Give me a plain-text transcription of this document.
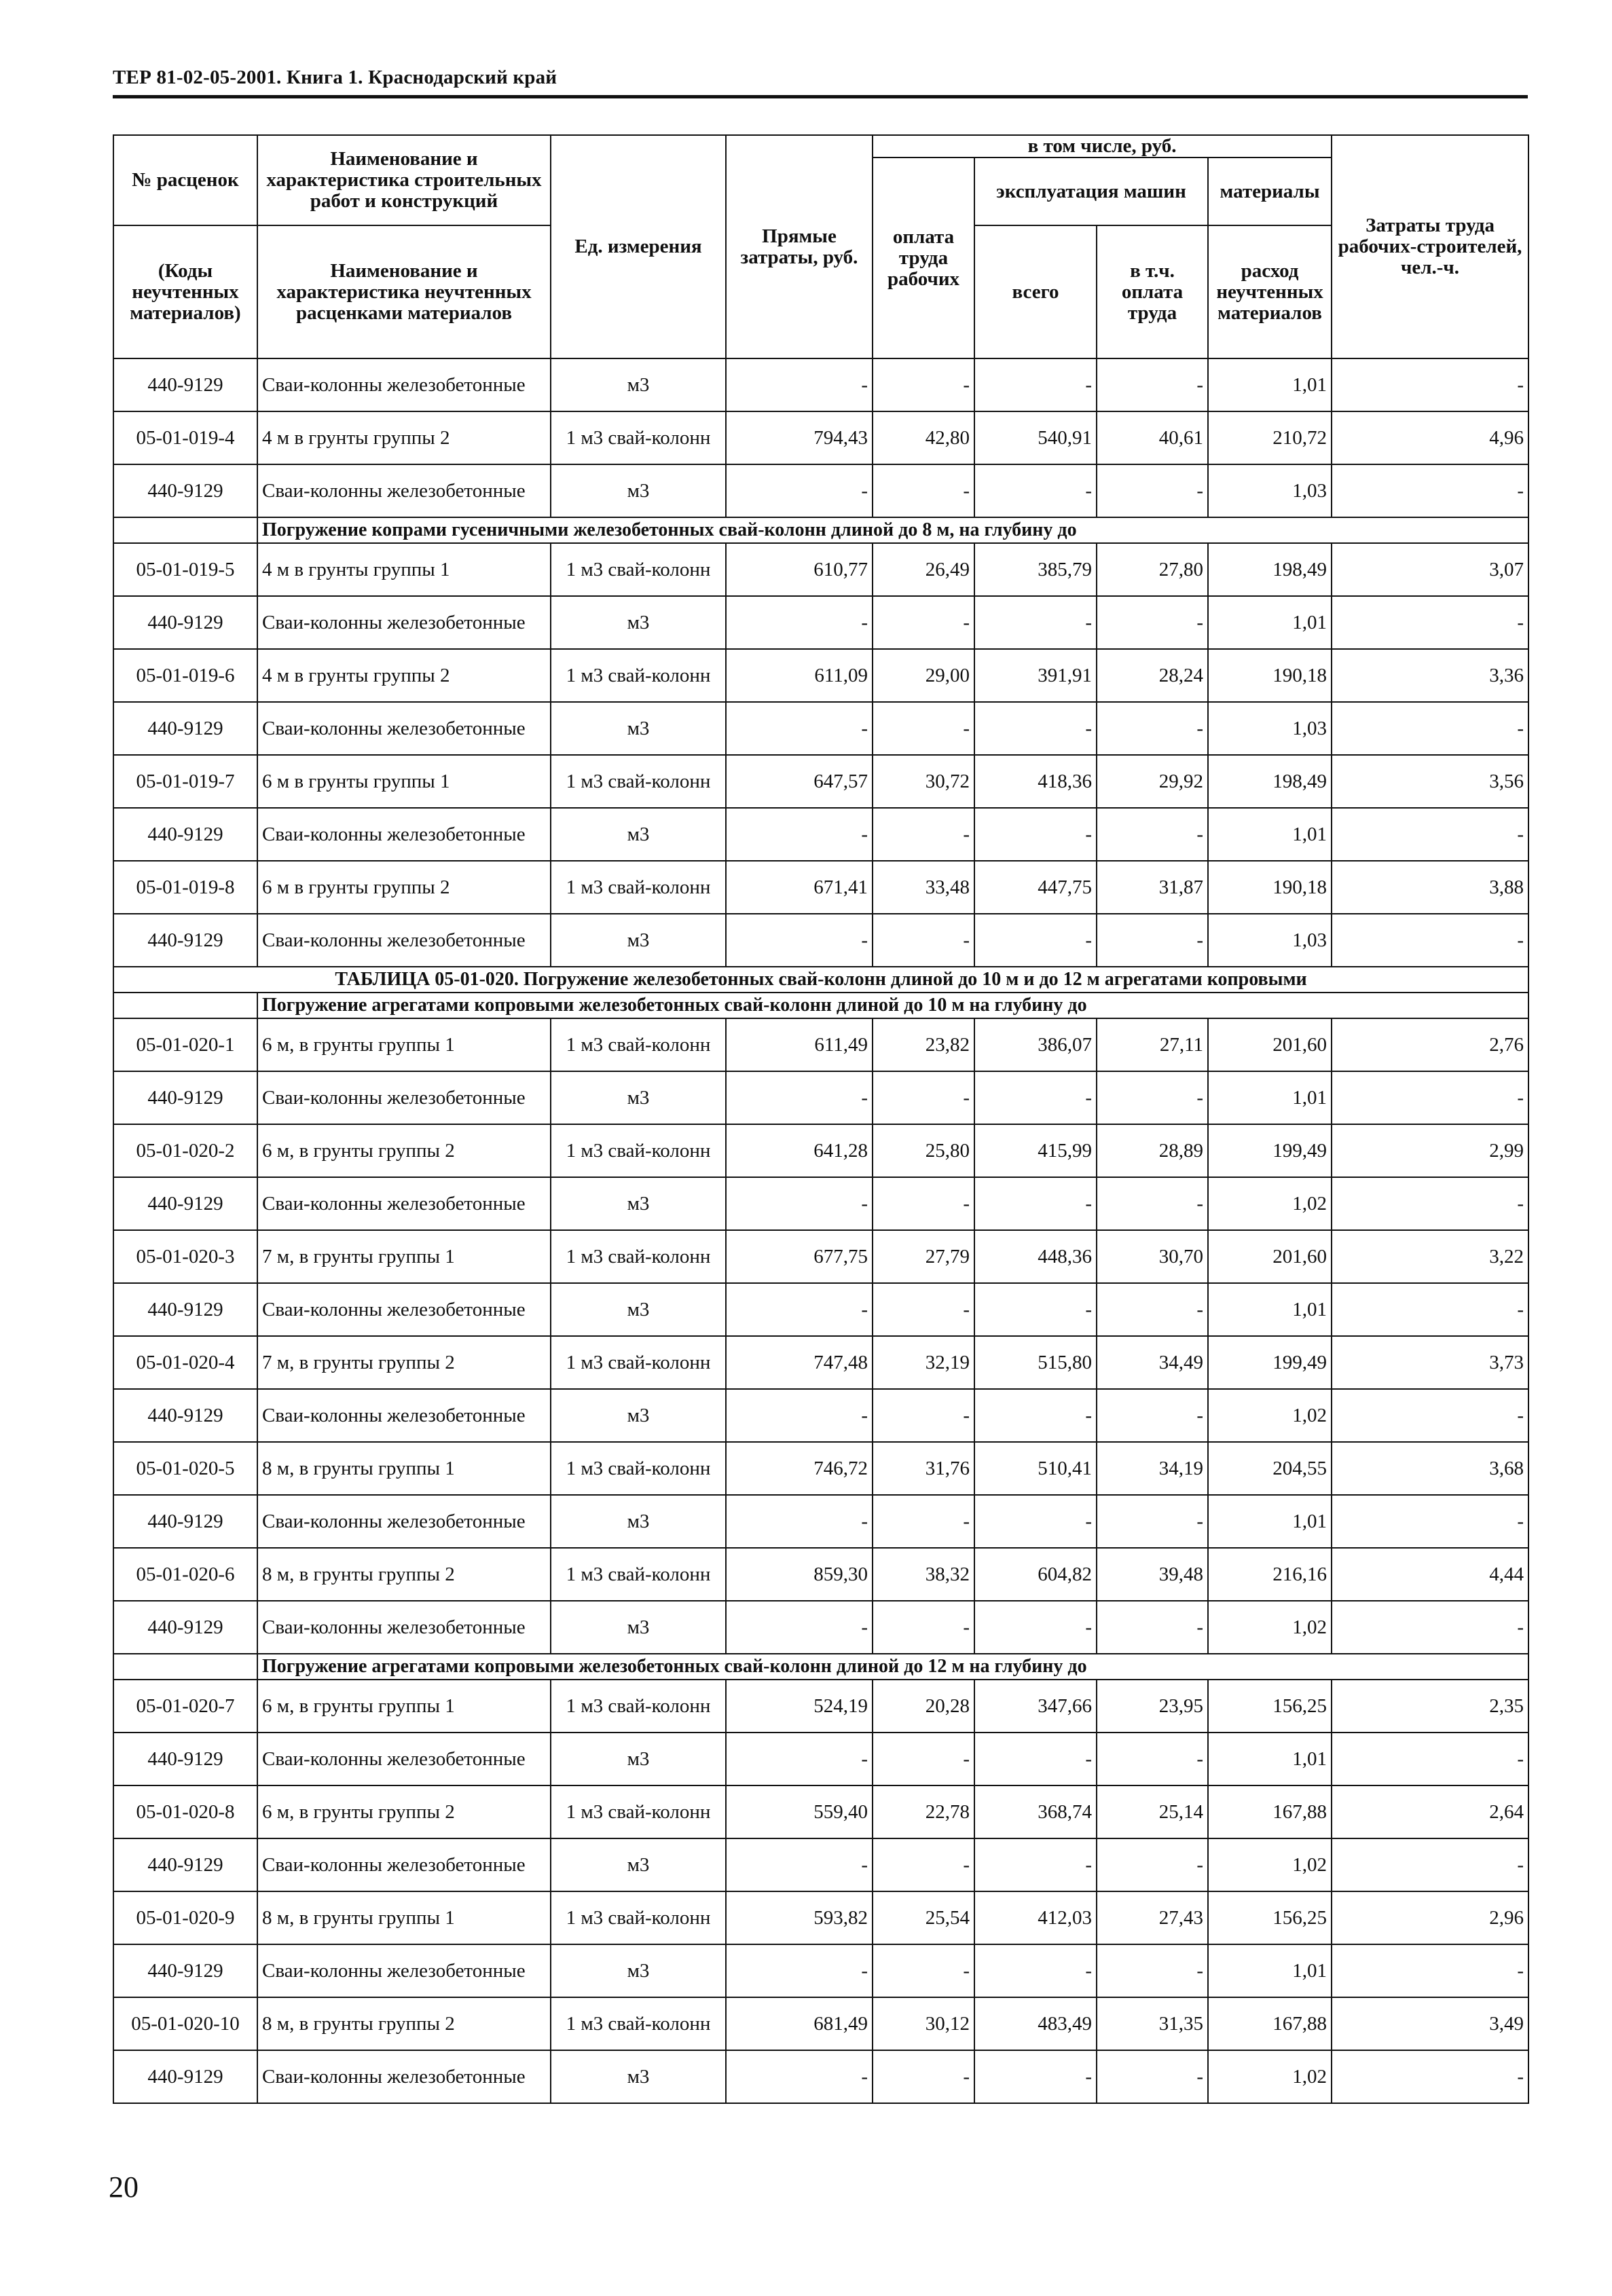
ТЕР 81-02-05-2001. Книга 1. Краснодарский край
№ расценок	Наименование и характеристика строительных работ и конструкций	Ед. измерения	Прямые затраты, руб.	в том числе, руб.				Затраты труда рабочих-строителей, чел.-ч.
				оплата труда рабочих	эксплуатация машин		материалы	

(Коды неучтенных материалов)	Наименование и характеристика неучтенных расценками материалов				всего	в т.ч. оплата труда	расход неучтенных материалов	

440-9129	Сваи-колонны железобетонные	м3	-	-	-	-	1,01	-
05-01-019-4	4 м в грунты группы 2	1 м3 свай-колонн	794,43	42,80	540,91	40,61	210,72	4,96
440-9129	Сваи-колонны железобетонные	м3	-	-	-	-	1,03	-
	Погружение копрами гусеничными железобетонных свай-колонн длиной до 8 м, на глубину до							
05-01-019-5	4 м в грунты группы 1	1 м3 свай-колонн	610,77	26,49	385,79	27,80	198,49	3,07
440-9129	Сваи-колонны железобетонные	м3	-	-	-	-	1,01	-
05-01-019-6	4 м в грунты группы 2	1 м3 свай-колонн	611,09	29,00	391,91	28,24	190,18	3,36
440-9129	Сваи-колонны железобетонные	м3	-	-	-	-	1,03	-
05-01-019-7	6 м в грунты группы 1	1 м3 свай-колонн	647,57	30,72	418,36	29,92	198,49	3,56
440-9129	Сваи-колонны железобетонные	м3	-	-	-	-	1,01	-
05-01-019-8	6 м в грунты группы 2	1 м3 свай-колонн	671,41	33,48	447,75	31,87	190,18	3,88
440-9129	Сваи-колонны железобетонные	м3	-	-	-	-	1,03	-
ТАБЛИЦА 05-01-020. Погружение железобетонных свай-колонн длиной до 10 м и до 12 м агрегатами копровыми								
	Погружение агрегатами копровыми железобетонных свай-колонн длиной до 10 м на глубину до							
05-01-020-1	6 м, в грунты группы 1	1 м3 свай-колонн	611,49	23,82	386,07	27,11	201,60	2,76
440-9129	Сваи-колонны железобетонные	м3	-	-	-	-	1,01	-
05-01-020-2	6 м, в грунты группы 2	1 м3 свай-колонн	641,28	25,80	415,99	28,89	199,49	2,99
440-9129	Сваи-колонны железобетонные	м3	-	-	-	-	1,02	-
05-01-020-3	7 м, в грунты группы 1	1 м3 свай-колонн	677,75	27,79	448,36	30,70	201,60	3,22
440-9129	Сваи-колонны железобетонные	м3	-	-	-	-	1,01	-
05-01-020-4	7 м, в грунты группы 2	1 м3 свай-колонн	747,48	32,19	515,80	34,49	199,49	3,73
440-9129	Сваи-колонны железобетонные	м3	-	-	-	-	1,02	-
05-01-020-5	8 м, в грунты группы 1	1 м3 свай-колонн	746,72	31,76	510,41	34,19	204,55	3,68
440-9129	Сваи-колонны железобетонные	м3	-	-	-	-	1,01	-
05-01-020-6	8 м, в грунты группы 2	1 м3 свай-колонн	859,30	38,32	604,82	39,48	216,16	4,44
440-9129	Сваи-колонны железобетонные	м3	-	-	-	-	1,02	-
	Погружение агрегатами копровыми железобетонных свай-колонн длиной до 12 м на глубину до							
05-01-020-7	6 м, в грунты группы 1	1 м3 свай-колонн	524,19	20,28	347,66	23,95	156,25	2,35
440-9129	Сваи-колонны железобетонные	м3	-	-	-	-	1,01	-
05-01-020-8	6 м, в грунты группы 2	1 м3 свай-колонн	559,40	22,78	368,74	25,14	167,88	2,64
440-9129	Сваи-колонны железобетонные	м3	-	-	-	-	1,02	-
05-01-020-9	8 м, в грунты группы 1	1 м3 свай-колонн	593,82	25,54	412,03	27,43	156,25	2,96
440-9129	Сваи-колонны железобетонные	м3	-	-	-	-	1,01	-
05-01-020-10	8 м, в грунты группы 2	1 м3 свай-колонн	681,49	30,12	483,49	31,35	167,88	3,49
440-9129	Сваи-колонны железобетонные	м3	-	-	-	-	1,02	-
20
